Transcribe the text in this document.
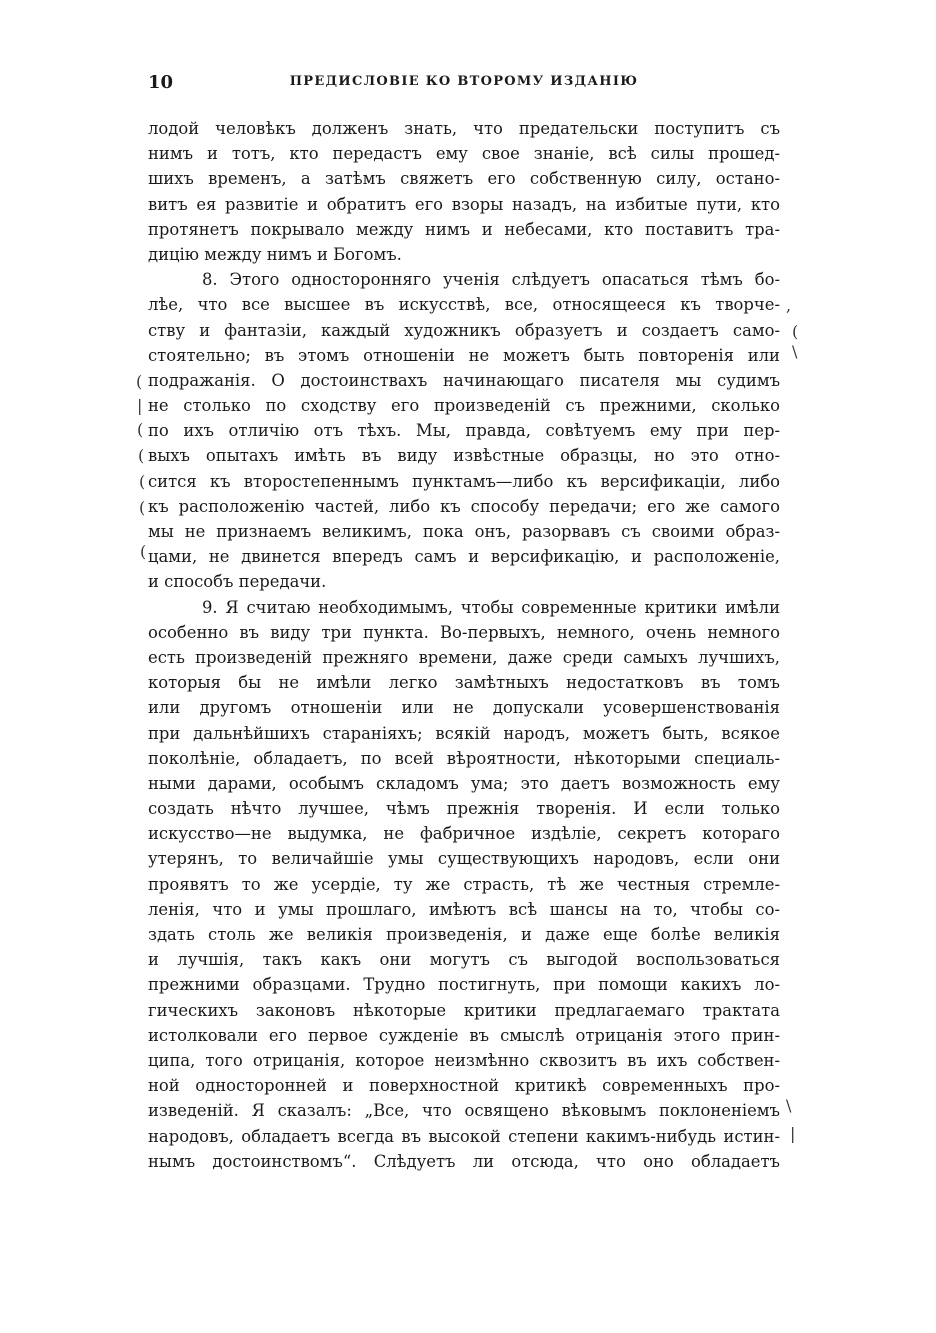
10	ПРЕДИСЛОВІЕ КО ВТОРОМУ ИЗДАНІЮ
лодой человѣкъ долженъ знать, что предательски поступитъ съ
нимъ и тотъ, кто передастъ ему свое знаніе, всѣ силы прошед-
шихъ временъ, а затѣмъ свяжетъ его собственную силу, остано-
витъ ея развитіе и обратитъ его взоры назадъ, на избитые пути, кто
протянетъ покрывало между нимъ и небесами, кто поставитъ тра-
дицію между нимъ и Богомъ.
8. Этого односторонняго ученія слѣдуетъ опасаться тѣмъ бо-
лѣе, что все высшее въ искусствѣ, все, относящееся къ творче-
ству и фантазіи, каждый художникъ образуетъ и создаетъ само-
стоятельно; въ этомъ отношеніи не можетъ быть повторенія или
подражанія. О достоинствахъ начинающаго писателя мы судимъ
не столько по сходству его произведеній съ прежними, сколько
по ихъ отличію отъ тѣхъ. Мы, правда, совѣтуемъ ему при пер-
выхъ опытахъ имѣть въ виду извѣстные образцы, но это отно-
сится къ второстепеннымъ пунктамъ—либо къ версификаціи, либо
къ расположенію частей, либо къ способу передачи; его же самого
мы не признаемъ великимъ, пока онъ, разорвавъ съ своими образ-
цами, не двинется впередъ самъ и версификацію, и расположеніе,
и способъ передачи.
9. Я считаю необходимымъ, чтобы современные критики имѣли
особенно въ виду три пункта. Во-первыхъ, немного, очень немного
есть произведеній прежняго времени, даже среди самыхъ лучшихъ,
которыя бы не имѣли легко замѣтныхъ недостатковъ въ томъ
или другомъ отношеніи или не допускали усовершенствованія
при дальнѣйшихъ стараніяхъ; всякій народъ, можетъ быть, всякое
поколѣніе, обладаетъ, по всей вѣроятности, нѣкоторыми специаль-
ными дарами, особымъ складомъ ума; это даетъ возможность ему
создать нѣчто лучшее, чѣмъ прежнія творенія. И если только
искусство—не выдумка, не фабричное издѣліе, секретъ котораго
утерянъ, то величайшіе умы существующихъ народовъ, если они
проявятъ то же усердіе, ту же страсть, тѣ же честныя стремле-
ленія, что и умы прошлаго, имѣютъ всѣ шансы на то, чтобы со-
здать столь же великія произведенія, и даже еще болѣе великія
и лучшія, такъ какъ они могутъ съ выгодой воспользоваться
прежними образцами. Трудно постигнуть, при помощи какихъ ло-
гическихъ законовъ нѣкоторые критики предлагаемаго трактата
истолковали его первое сужденіе въ смыслѣ отрицанія этого прин-
ципа, того отрицанія, которое неизмѣнно сквозитъ въ ихъ собствен-
ной односторонней и поверхностной критикѣ современныхъ про-
изведеній. Я сказалъ: „Все, что освящено вѣковымъ поклоненіемъ
народовъ, обладаетъ всегда въ высокой степени какимъ-нибудь истин-
нымъ достоинствомъ“. Слѣдуетъ ли отсюда, что оно обладаетъ
,
(
\
(
|
(
(
(
(
(
\
|
